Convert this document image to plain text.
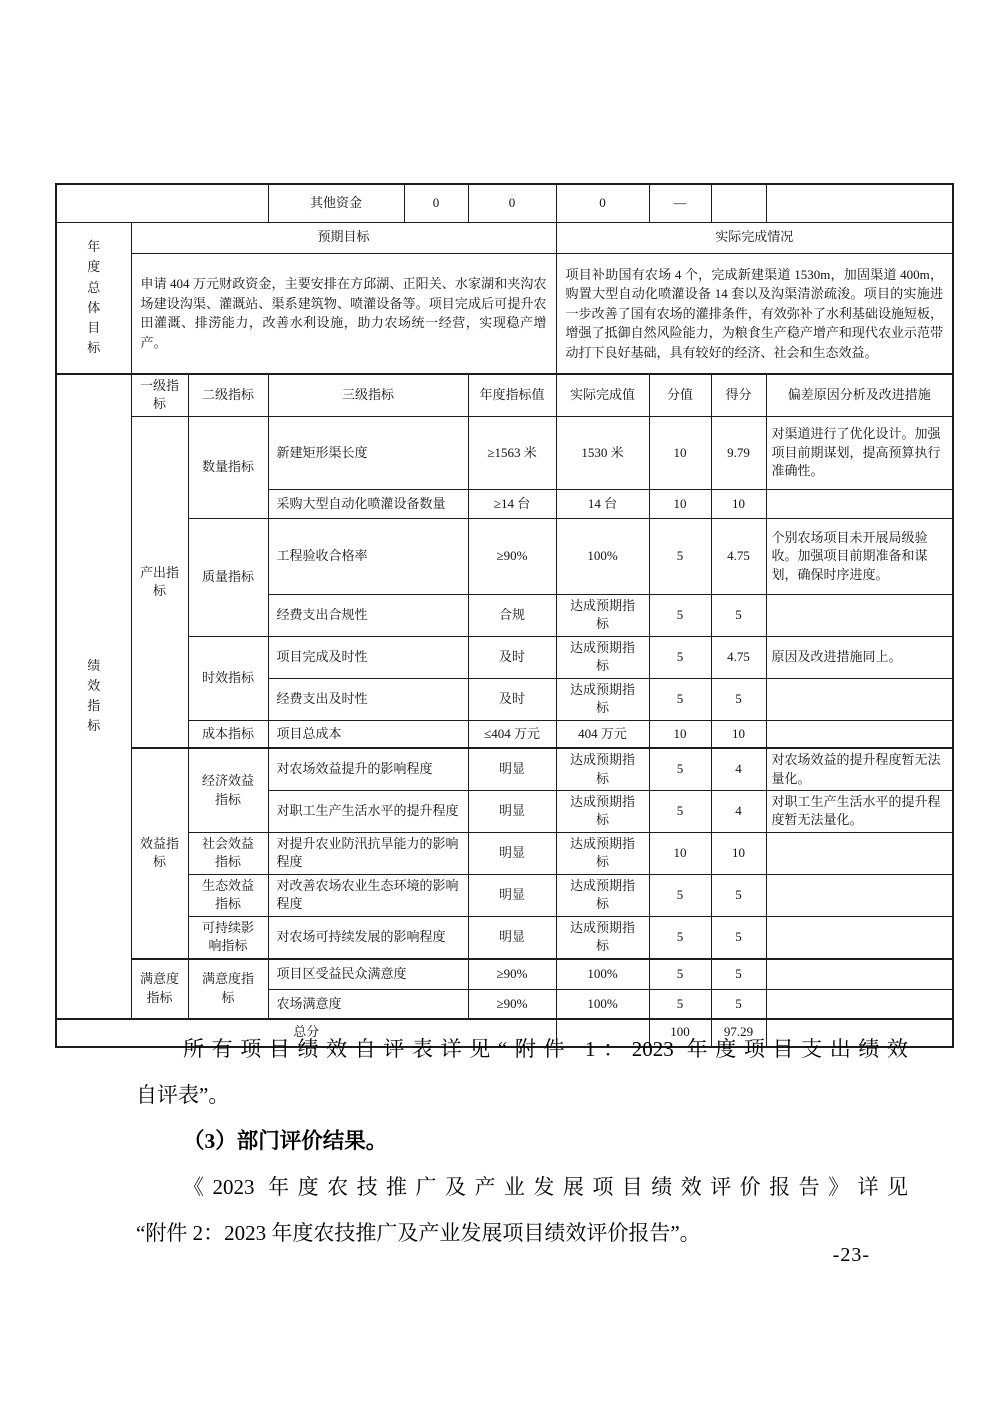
			其他资金	0	0	0	—		

年度总体目标	预期目标					实际完成情况			
	申请 404 万元财政资金，主要安排在方邱湖、正阳关、水家湖和夹沟农场建设沟渠、灌溉站、渠系建筑物、喷灌设备等。项目完成后可提升农田灌溉、排涝能力，改善水利设施，助力农场统一经营，实现稳产增产。					项目补助国有农场 4 个，完成新建渠道 1530m，加固渠道 400m，购置大型自动化喷灌设备 14 套以及沟渠清淤疏浚。项目的实施进一步改善了国有农场的灌排条件，有效弥补了水利基础设施短板，增强了抵御自然风险能力，为粮食生产稳产增产和现代农业示范带动打下良好基础，具有较好的经济、社会和生态效益。			

绩效指标	一级指标	二级指标	三级指标		年度指标值	实际完成值	分值	得分	偏差原因分析及改进措施
	产出指标	数量指标	新建矩形渠长度		≥1563 米	1530 米	10	9.79	对渠道进行了优化设计。加强项目前期谋划，提高预算执行准确性。
			采购大型自动化喷灌设备数量		≥14 台	14 台	10	10	
		质量指标	工程验收合格率		≥90%	100%	5	4.75	个别农场项目未开展局级验收。加强项目前期准备和谋划，确保时序进度。
			经费支出合规性		合规	达成预期指标	5	5	
		时效指标	项目完成及时性		及时	达成预期指标	5	4.75	原因及改进措施同上。
			经费支出及时性		及时	达成预期指标	5	5	
		成本指标	项目总成本		≤404 万元	404 万元	10	10	
	效益指标	经济效益指标	对农场效益提升的影响程度		明显	达成预期指标	5	4	对农场效益的提升程度暂无法量化。
			对职工生产生活水平的提升程度		明显	达成预期指标	5	4	对职工生产生活水平的提升程度暂无法量化。
		社会效益指标	对提升农业防汛抗旱能力的影响程度		明显	达成预期指标	10	10	
		生态效益指标	对改善农场农业生态环境的影响程度		明显	达成预期指标	5	5	
		可持续影响指标	对农场可持续发展的影响程度		明显	达成预期指标	5	5	
	满意度指标	满意度指标	项目区受益民众满意度		≥90%	100%	5	5	
			农场满意度		≥90%	100%	5	5	
总分							100	97.29	
所有项目绩效自评表详见“附件 1：2023 年度项目支出绩效
自评表”。
（3）部门评价结果。
《2023 年度农技推广及产业发展项目绩效评价报告》详见
“附件 2：2023 年度农技推广及产业发展项目绩效评价报告”。
-23-
